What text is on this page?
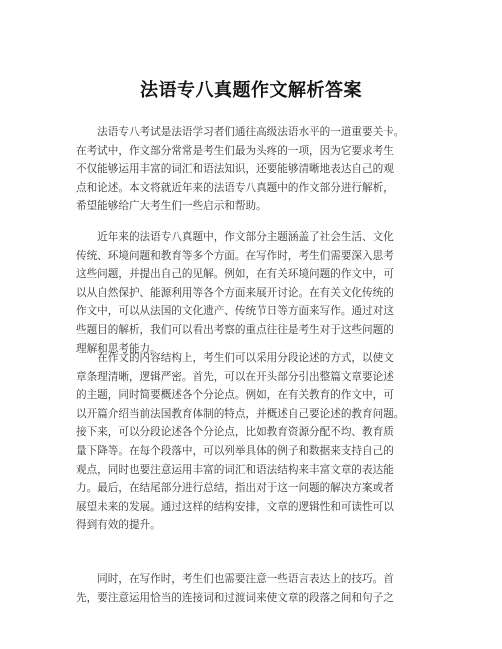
法语专八真题作文解析答案

　　法语专八考试是法语学习者们通往高级法语水平的一道重要关卡。
在考试中，作文部分常常是考生们最为头疼的一项，因为它要求考生
不仅能够运用丰富的词汇和语法知识，还要能够清晰地表达自己的观
点和论述。本文将就近年来的法语专八真题中的作文部分进行解析，
希望能够给广大考生们一些启示和帮助。

　　近年来的法语专八真题中，作文部分主题涵盖了社会生活、文化
传统、环境问题和教育等多个方面。在写作时，考生们需要深入思考
这些问题，并提出自己的见解。例如，在有关环境问题的作文中，可
以从自然保护、能源利用等各个方面来展开讨论。在有关文化传统的
作文中，可以从法国的文化遗产、传统节日等方面来写作。通过对这
些题目的解析，我们可以看出考察的重点往往是考生对于这些问题的
理解和思考能力。

　　在作文的内容结构上，考生们可以采用分段论述的方式，以使文
章条理清晰，逻辑严密。首先，可以在开头部分引出整篇文章要论述
的主题，同时简要概述各个分论点。例如，在有关教育的作文中，可
以开篇介绍当前法国教育体制的特点，并概述自己要论述的教育问题。
接下来，可以分段论述各个分论点，比如教育资源分配不均、教育质
量下降等。在每个段落中，可以列举具体的例子和数据来支持自己的
观点，同时也要注意运用丰富的词汇和语法结构来丰富文章的表达能
力。最后，在结尾部分进行总结，指出对于这一问题的解决方案或者
展望未来的发展。通过这样的结构安排，文章的逻辑性和可读性可以
得到有效的提升。

　　同时，在写作时，考生们也需要注意一些语言表达上的技巧。首
先，要注意运用恰当的连接词和过渡词来使文章的段落之间和句子之
